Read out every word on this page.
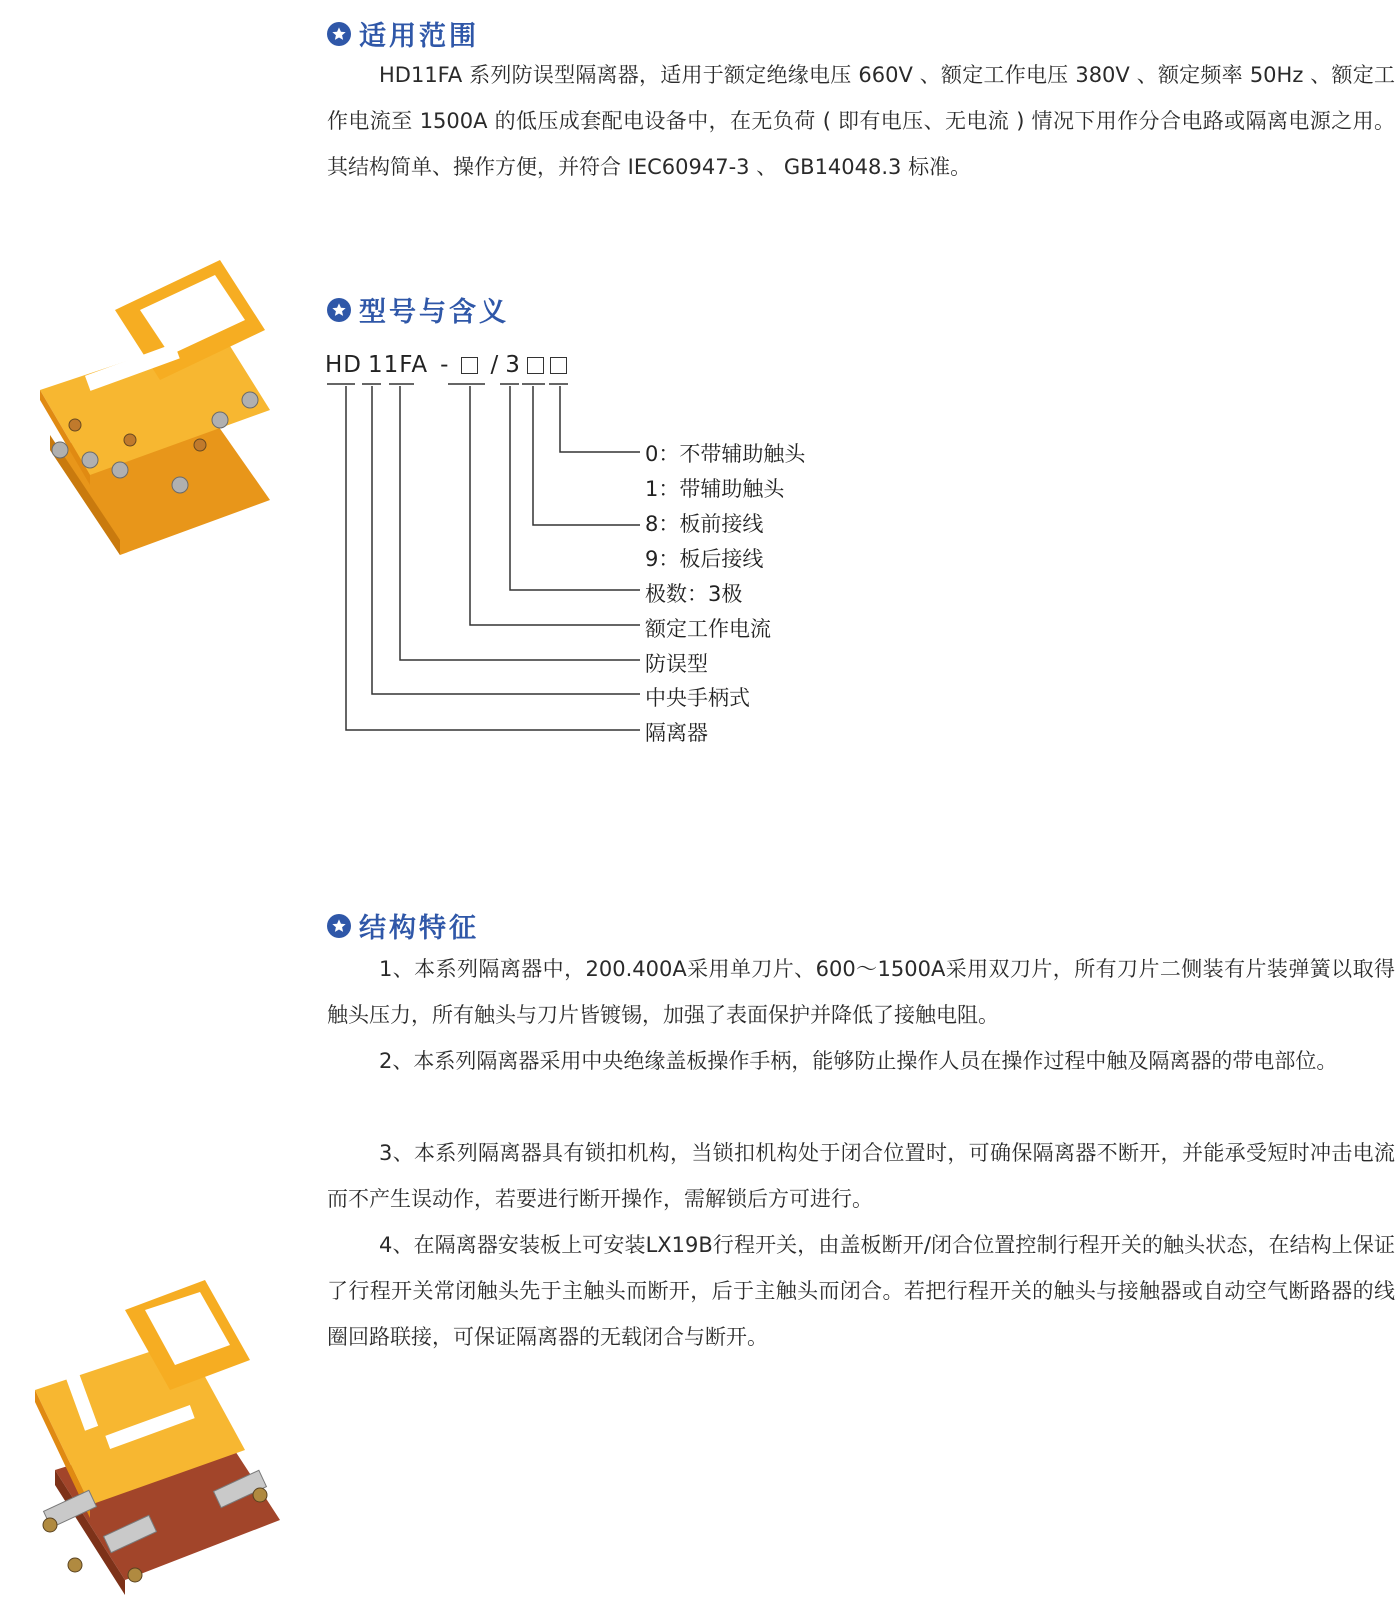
适用范围

HD11FA 系列防误型隔离器，适用于额定绝缘电压 660V 、额定工作电压 380V 、额定频率 50Hz 、额定工作电流至 1500A 的低压成套配电设备中，在无负荷 ( 即有电压、无电流 ) 情况下用作分合电路或隔离电源之用。其结构简单、操作方便，并符合 IEC60947-3 、 GB14048.3 标准。

型号与含义
HD 11FA - / 3
0：不带辅助触头
1：带辅助触头
8：板前接线
9：板后接线
极数：3极
额定工作电流
防误型
中央手柄式
隔离器
结构特征

1、本系列隔离器中，200.400A采用单刀片、600～1500A采用双刀片，所有刀片二侧装有片装弹簧以取得触头压力，所有触头与刀片皆镀锡，加强了表面保护并降低了接触电阻。

2、本系列隔离器采用中央绝缘盖板操作手柄，能够防止操作人员在操作过程中触及隔离器的带电部位。

3、本系列隔离器具有锁扣机构，当锁扣机构处于闭合位置时，可确保隔离器不断开，并能承受短时冲击电流而不产生误动作，若要进行断开操作，需解锁后方可进行。

4、在隔离器安装板上可安装LX19B行程开关，由盖板断开/闭合位置控制行程开关的触头状态，在结构上保证了行程开关常闭触头先于主触头而断开，后于主触头而闭合。若把行程开关的触头与接触器或自动空气断路器的线圈回路联接，可保证隔离器的无载闭合与断开。
